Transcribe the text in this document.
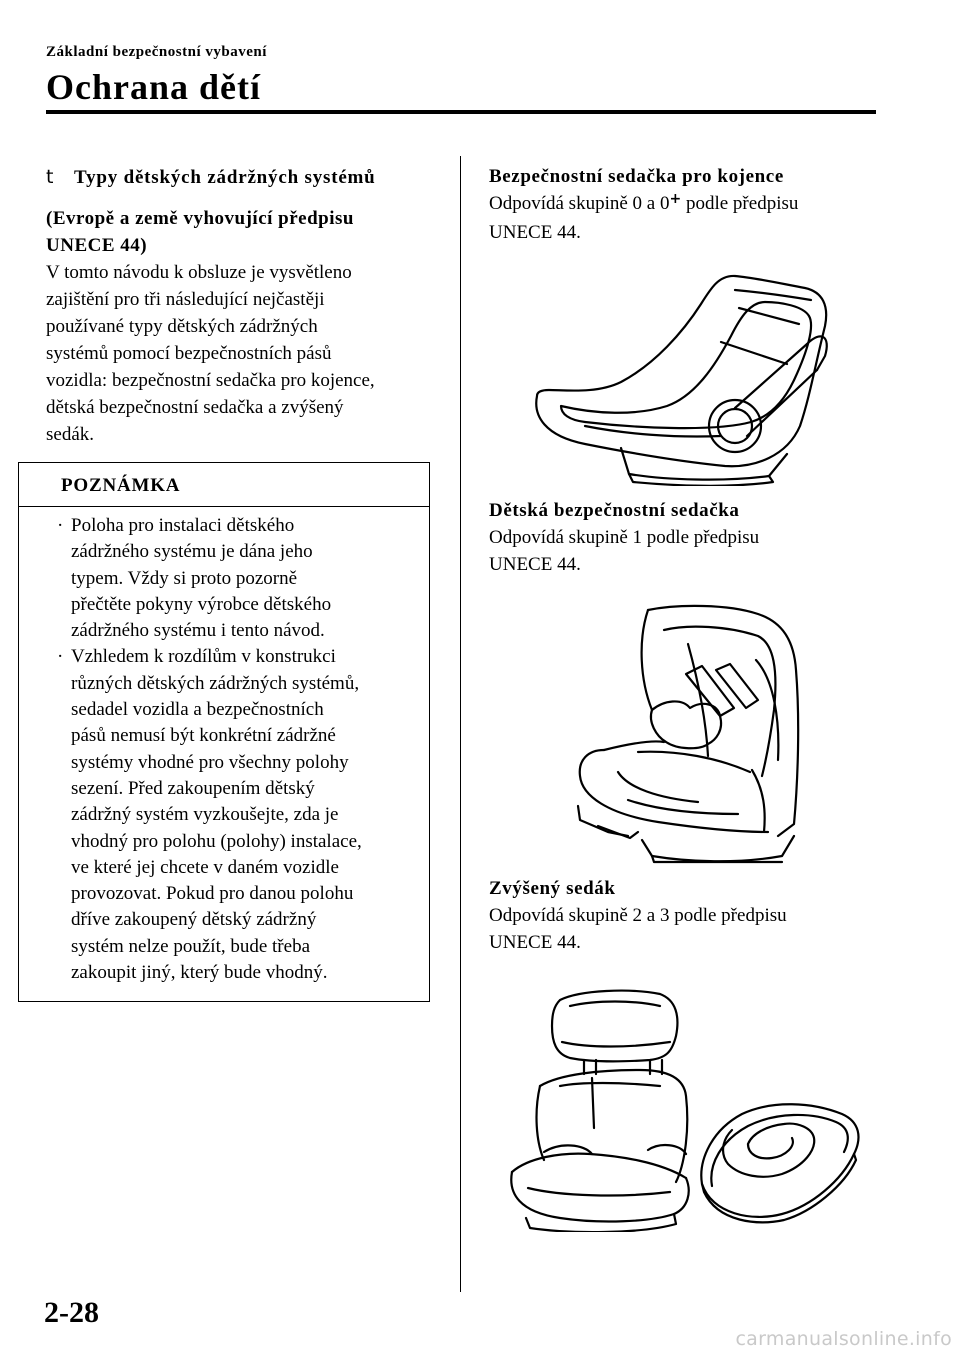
Základní bezpečnostní vybavení
Ochrana dětí
t Typy dětských zádržných systémů
(Evropě a země vyhovující předpisu
UNECE 44)
V tomto návodu k obsluze je vysvětleno
zajištění pro tři následující nejčastěji
používané typy dětských zádržných
systémů pomocí bezpečnostních pásů
vozidla: bezpečnostní sedačka pro kojence,
dětská bezpečnostní sedačka a zvýšený
sedák.
POZNÁMKA
· Poloha pro instalaci dětského
zádržného systému je dána jeho
typem. Vždy si proto pozorně
přečtěte pokyny výrobce dětského
zádržného systému i tento návod.
· Vzhledem k rozdílům v konstrukci
různých dětských zádržných systémů,
sedadel vozidla a bezpečnostních
pásů nemusí být konkrétní zádržné
systémy vhodné pro všechny polohy
sezení. Před zakoupením dětský
zádržný systém vyzkoušejte, zda je
vhodný pro polohu (polohy) instalace,
ve které jej chcete v daném vozidle
provozovat. Pokud pro danou polohu
dříve zakoupený dětský zádržný
systém nelze použít, bude třeba
zakoupit jiný, který bude vhodný.
Bezpečnostní sedačka pro kojence
Odpovídá skupině 0 a 0+ podle předpisu
UNECE 44.
Dětská bezpečnostní sedačka
Odpovídá skupině 1 podle předpisu
UNECE 44.
Zvýšený sedák
Odpovídá skupině 2 a 3 podle předpisu
UNECE 44.
2-28
carmanualsonline.info
